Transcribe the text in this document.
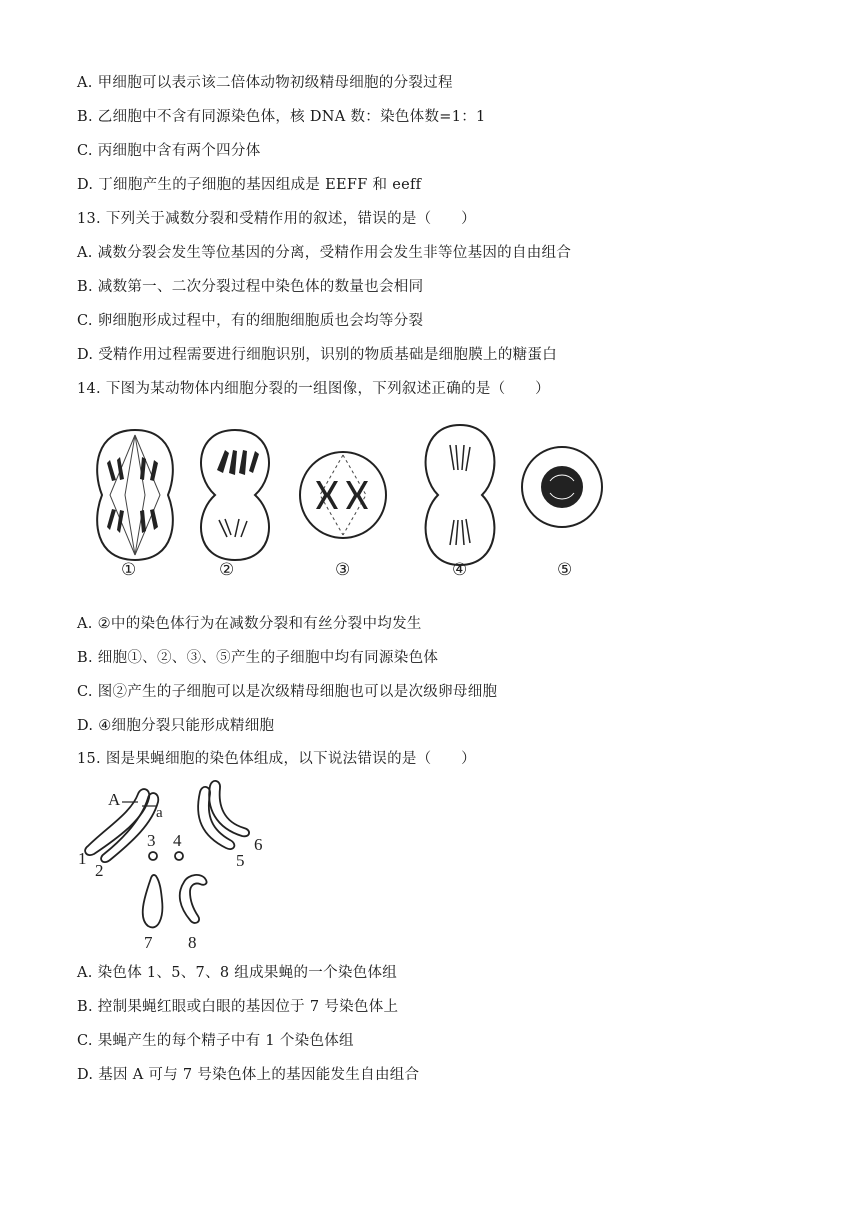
A. 甲细胞可以表示该二倍体动物初级精母细胞的分裂过程
B. 乙细胞中不含有同源染色体，核 DNA 数：染色体数=1：1
C. 丙细胞中含有两个四分体
D. 丁细胞产生的子细胞的基因组成是 EEFF 和 eeff
13. 下列关于减数分裂和受精作用的叙述，错误的是（　　）
A. 减数分裂会发生等位基因的分离，受精作用会发生非等位基因的自由组合
B. 减数第一、二次分裂过程中染色体的数量也会相同
C. 卵细胞形成过程中，有的细胞细胞质也会均等分裂
D. 受精作用过程需要进行细胞识别，识别的物质基础是细胞膜上的糖蛋白
14. 下图为某动物体内细胞分裂的一组图像，下列叙述正确的是（　　）
①	②	③	④	⑤
A. ②中的染色体行为在减数分裂和有丝分裂中均发生
B. 细胞①、②、③、⑤产生的子细胞中均有同源染色体
C. 图②产生的子细胞可以是次级精母细胞也可以是次级卵母细胞
D. ④细胞分裂只能形成精细胞
15. 图是果蝇细胞的染色体组成，以下说法错误的是（　　）
A
a
1
2
3 4
5
6
7 8
A. 染色体 1、5、7、8 组成果蝇的一个染色体组
B. 控制果蝇红眼或白眼的基因位于 7 号染色体上
C. 果蝇产生的每个精子中有 1 个染色体组
D. 基因 A 可与 7 号染色体上的基因能发生自由组合
